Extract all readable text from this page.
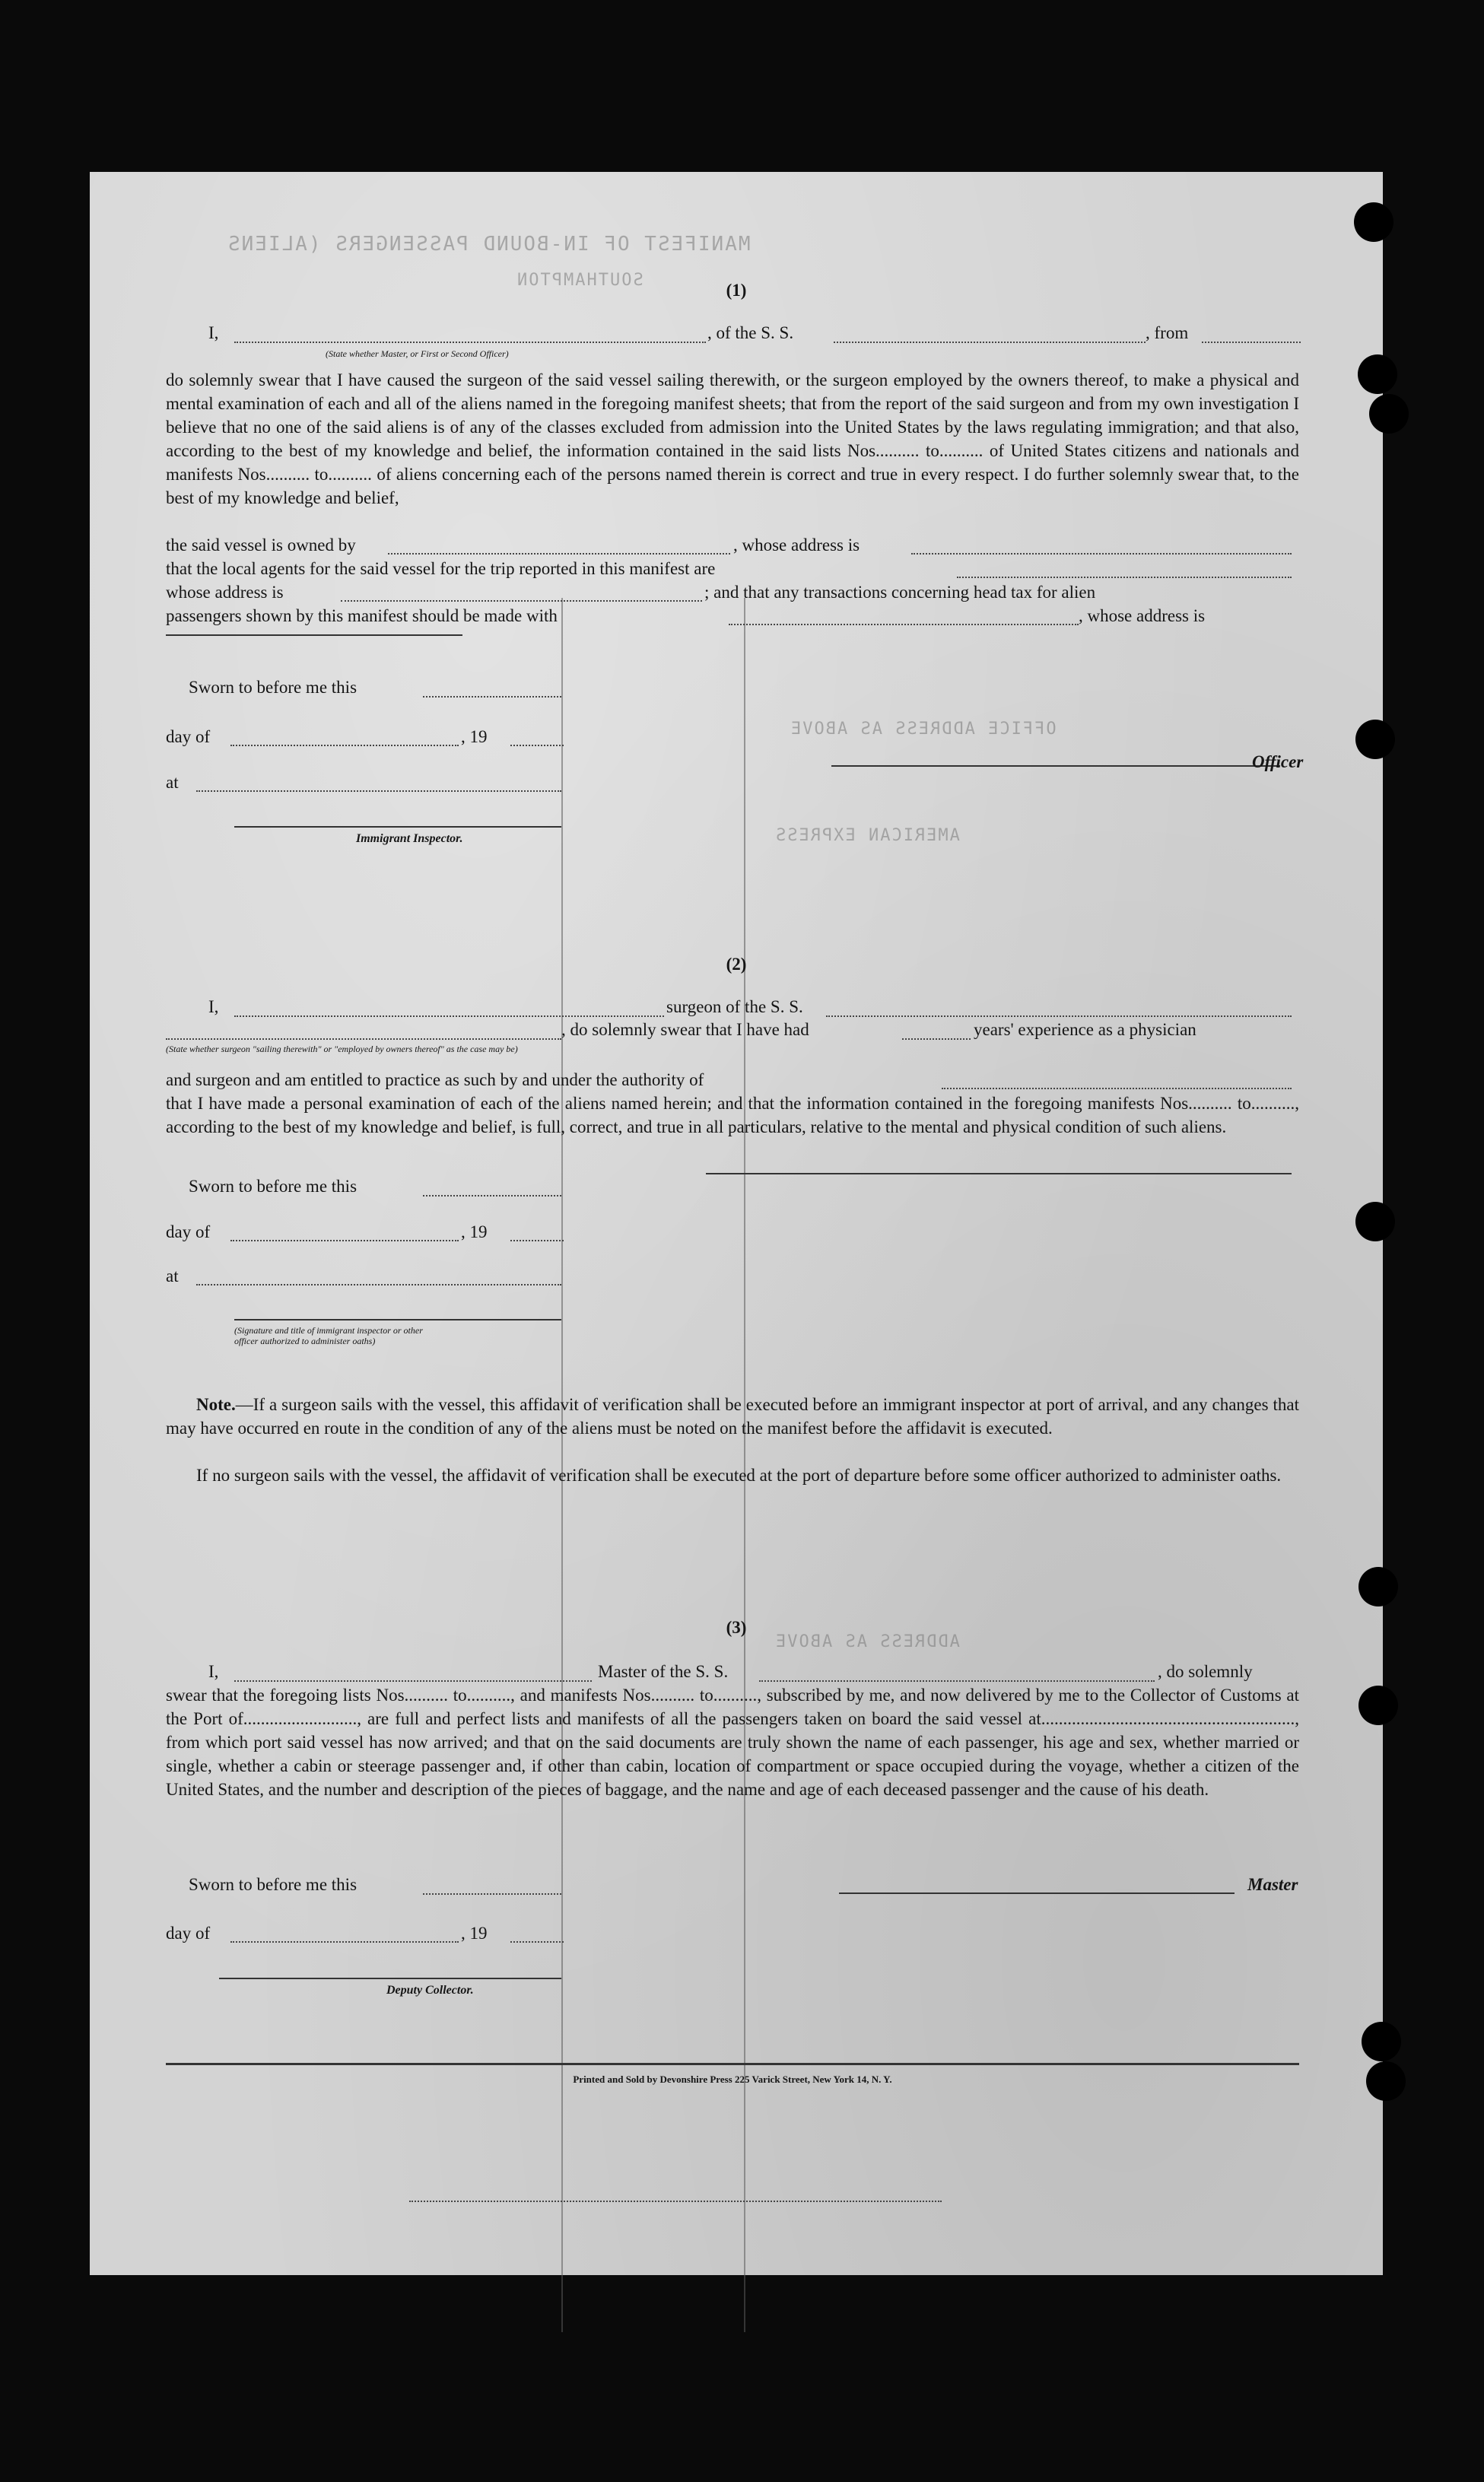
MANIFEST OF IN-BOUND PASSENGERS (ALIENS
SOUTHAMPTON
AMERICAN EXPRESS
OFFICE ADDRESS AS ABOVE
ADDRESS AS ABOVE
(1)
I,	, of the S. S.	, from
(State whether Master, or First or Second Officer)
do solemnly swear that I have caused the surgeon of the said vessel sailing therewith, or the surgeon employed by the owners thereof, to make a physical and mental examination of each and all of the aliens named in the foregoing manifest sheets; that from the report of the said surgeon and from my own investigation I believe that no one of the said aliens is of any of the classes excluded from admission into the United States by the laws regulating immigration; and that also, according to the best of my knowledge and belief, the information contained in the said lists Nos.......... to.......... of United States citizens and nationals and manifests Nos.......... to.......... of aliens concerning each of the persons named therein is correct and true in every respect. I do further solemnly swear that, to the best of my knowledge and belief,
the said vessel is owned by	, whose address is
that the local agents for the said vessel for the trip reported in this manifest are
whose address is	; and that any transactions concerning head tax for alien
passengers shown by this manifest should be made with	, whose address is
Sworn to before me this
day of	, 19
at
Officer
Immigrant Inspector.
(2)
I,	surgeon of the S. S.
, do solemnly swear that I have had	years' experience as a physician
(State whether surgeon "sailing therewith" or "employed by owners thereof" as the case may be)
and surgeon and am entitled to practice as such by and under the authority of
that I have made a personal examination of each of the aliens named herein; and that the information contained in the foregoing manifests Nos.......... to.........., according to the best of my knowledge and belief, is full, correct, and true in all particulars, relative to the mental and physical condition of such aliens.
Sworn to before me this
day of	, 19
at
(Signature and title of immigrant inspector or other officer authorized to administer oaths)
Note.—If a surgeon sails with the vessel, this affidavit of verification shall be executed before an immigrant inspector at port of arrival, and any changes that may have occurred en route in the condition of any of the aliens must be noted on the manifest before the affidavit is executed.
If no surgeon sails with the vessel, the affidavit of verification shall be executed at the port of departure before some officer authorized to administer oaths.
(3)
I,	Master of the S. S.	, do solemnly
swear that the foregoing lists Nos.......... to.........., and manifests Nos.......... to.........., subscribed by me, and now delivered by me to the Collector of Customs at the Port of.........................., are full and perfect lists and manifests of all the passengers taken on board the said vessel at.........................................................., from which port said vessel has now arrived; and that on the said documents are truly shown the name of each passenger, his age and sex, whether married or single, whether a cabin or steerage passenger and, if other than cabin, location of compartment or space occupied during the voyage, whether a citizen of the United States, and the number and description of the pieces of baggage, and the name and age of each deceased passenger and the cause of his death.
Sworn to before me this	Master
day of	, 19
Deputy Collector.
Printed and Sold by Devonshire Press 225 Varick Street, New York 14, N. Y.
